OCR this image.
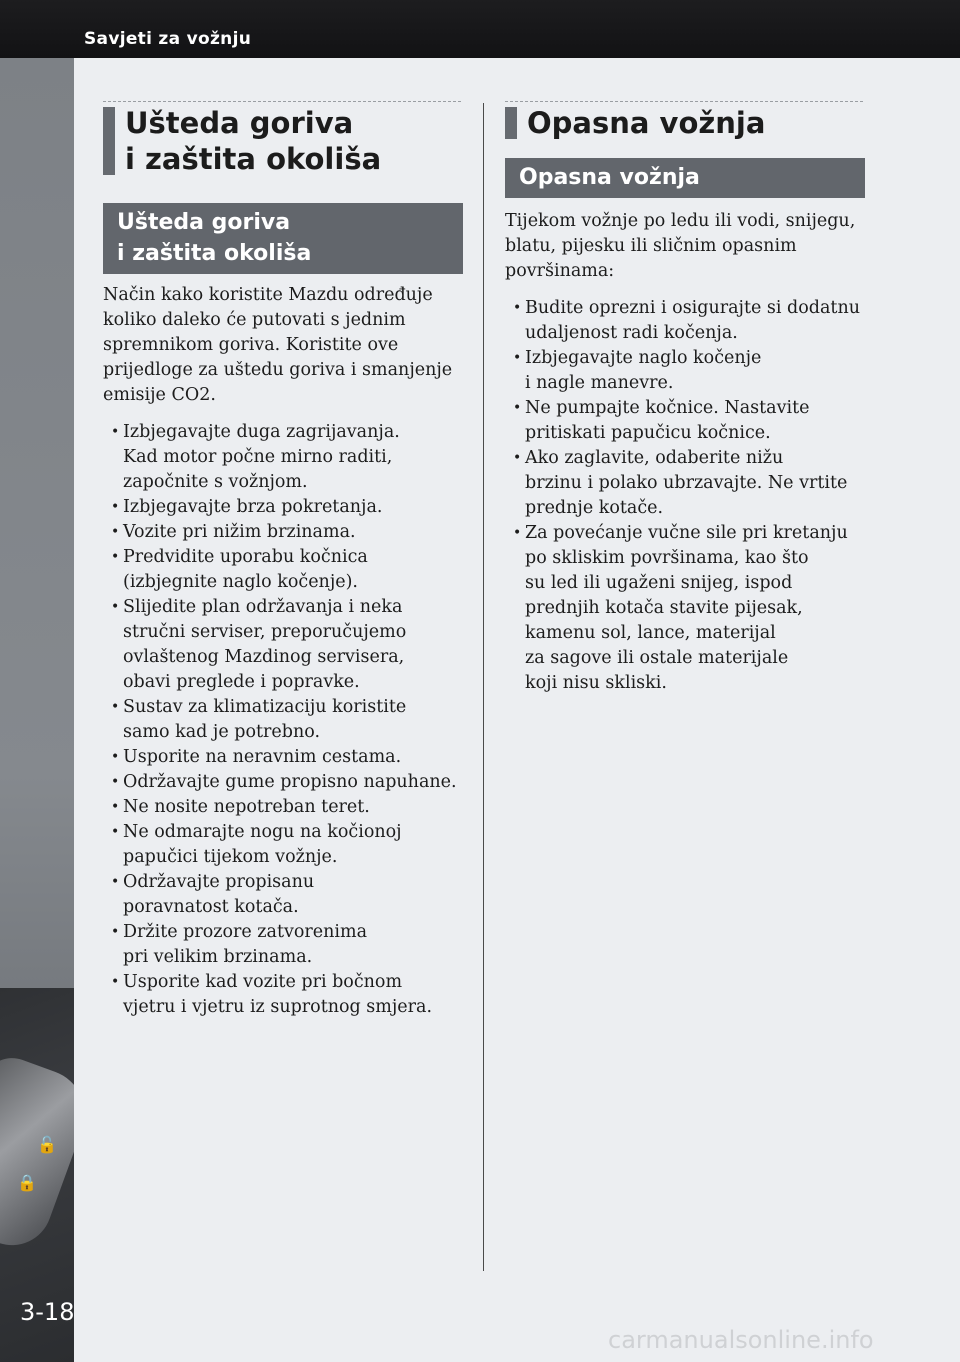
Savjeti za vožnju
🔓
🔒
3-18
Ušteda goriva
i zaštita okoliša
Ušteda goriva
i zaštita okoliša

Način kako koristite Mazdu određuje

koliko daleko će putovati s jednim

spremnikom goriva. Koristite ove

prijedloge za uštedu goriva i smanjenje

emisije CO2.

• Izbjegavajte duga zagrijavanja.
Kad motor počne mirno raditi,
započnite s vožnjom.
• Izbjegavajte brza pokretanja.
• Vozite pri nižim brzinama.
• Predvidite uporabu kočnica
(izbjegnite naglo kočenje).
• Slijedite plan održavanja i neka
stručni serviser, preporučujemo
ovlaštenog Mazdinog servisera,
obavi preglede i popravke.
• Sustav za klimatizaciju koristite
samo kad je potrebno.
• Usporite na neravnim cestama.
• Održavajte gume propisno napuhane.
• Ne nosite nepotreban teret.
• Ne odmarajte nogu na kočionoj
papučici tijekom vožnje.
• Održavajte propisanu
poravnatost kotača.
• Držite prozore zatvorenima
pri velikim brzinama.
• Usporite kad vozite pri bočnom
vjetru i vjetru iz suprotnog smjera.
Opasna vožnja
Opasna vožnja

Tijekom vožnje po ledu ili vodi, snijegu,

blatu, pijesku ili sličnim opasnim

površinama:

• Budite oprezni i osigurajte si dodatnu
udaljenost radi kočenja.
• Izbjegavajte naglo kočenje
i nagle manevre.
• Ne pumpajte kočnice. Nastavite
pritiskati papučicu kočnice.
• Ako zaglavite, odaberite nižu
brzinu i polako ubrzavajte. Ne vrtite
prednje kotače.
• Za povećanje vučne sile pri kretanju
po skliskim površinama, kao što
su led ili ugaženi snijeg, ispod
prednjih kotača stavite pijesak,
kamenu sol, lance, materijal
za sagove ili ostale materijale
koji nisu skliski.
carmanualsonline.info
